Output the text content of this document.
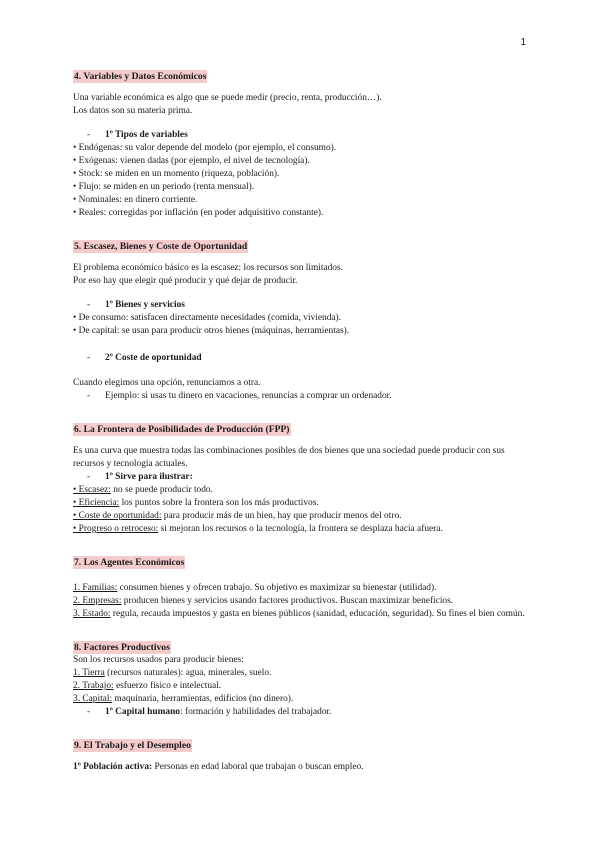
1
4. Variables y Datos Económicos

Una variable económica es algo que se puede medir (precio, renta, producción…).

Los datos son su materia prima.

- 1º Tipos de variables

• Endógenas: su valor depende del modelo (por ejemplo, el consumo).

• Exógenas: vienen dadas (por ejemplo, el nivel de tecnología).

• Stock: se miden en un momento (riqueza, población).

• Flujo: se miden en un periodo (renta mensual).

• Nominales: en dinero corriente.

• Reales: corregidas por inflación (en poder adquisitivo constante).

5. Escasez, Bienes y Coste de Oportunidad

El problema económico básico es la escasez: los recursos son limitados.

Por eso hay que elegir qué producir y qué dejar de producir.

- 1º Bienes y servicios

• De consumo: satisfacen directamente necesidades (comida, vivienda).

• De capital: se usan para producir otros bienes (máquinas, herramientas).

- 2º Coste de oportunidad

Cuando elegimos una opción, renunciamos a otra.

- Ejemplo: si usas tu dinero en vacaciones, renuncias a comprar un ordenador.

6. La Frontera de Posibilidades de Producción (FPP)

Es una curva que muestra todas las combinaciones posibles de dos bienes que una sociedad puede producir con sus recursos y tecnología actuales.

- 1º Sirve para ilustrar:

• Escasez: no se puede producir todo.

• Eficiencia: los puntos sobre la frontera son los más productivos.

• Coste de oportunidad: para producir más de un bien, hay que producir menos del otro.

• Progreso o retroceso: si mejoran los recursos o la tecnología, la frontera se desplaza hacia afuera.

7. Los Agentes Económicos

1. Familias: consumen bienes y ofrecen trabajo. Su objetivo es maximizar su bienestar (utilidad).

2. Empresas: producen bienes y servicios usando factores productivos. Buscan maximizar beneficios.

3. Estado: regula, recauda impuestos y gasta en bienes públicos (sanidad, educación, seguridad). Su fines el bien común.

8. Factores Productivos

Son los recursos usados para producir bienes:

1. Tierra (recursos naturales): agua, minerales, suelo.

2. Trabajo: esfuerzo físico e intelectual.

3. Capital: maquinaria, herramientas, edificios (no dinero).

- 1º Capital humano: formación y habilidades del trabajador.

9. El Trabajo y el Desempleo

1º Población activa: Personas en edad laboral que trabajan o buscan empleo.
